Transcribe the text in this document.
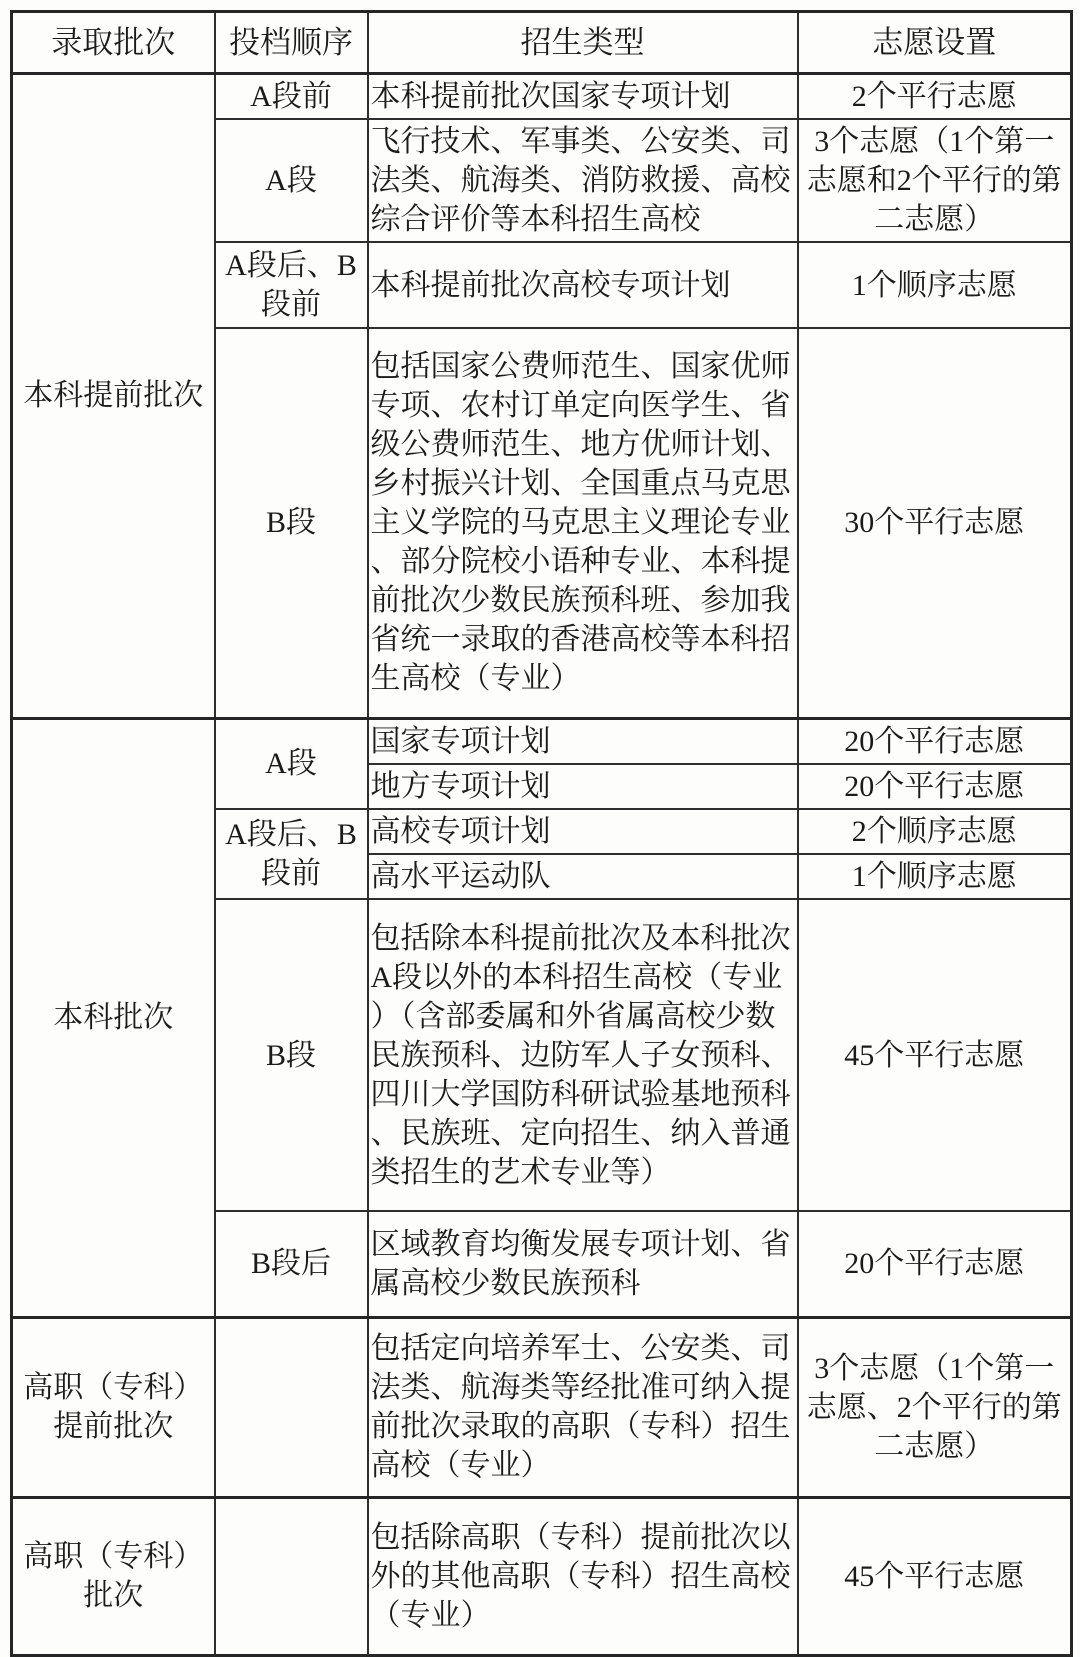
录取批次	投档顺序	招生类型	志愿设置
本科提前批次	A段前	本科提前批次国家专项计划	2个平行志愿
	A段	飞行技术、军事类、公安类、司法类、航海类、消防救援、高校综合评价等本科招生高校	3个志愿（1个第一志愿和2个平行的第二志愿）
	A段后、B段前	本科提前批次高校专项计划	1个顺序志愿
	B段	包括国家公费师范生、国家优师专项、农村订单定向医学生、省级公费师范生、地方优师计划、乡村振兴计划、全国重点马克思主义学院的马克思主义理论专业、部分院校小语种专业、本科提前批次少数民族预科班、参加我省统一录取的香港高校等本科招生高校（专业）	30个平行志愿
本科批次	A段	国家专项计划	20个平行志愿
		地方专项计划	20个平行志愿
	A段后、B段前	高校专项计划	2个顺序志愿
		高水平运动队	1个顺序志愿
	B段	包括除本科提前批次及本科批次A段以外的本科招生高校（专业）（含部委属和外省属高校少数民族预科、边防军人子女预科、四川大学国防科研试验基地预科、民族班、定向招生、纳入普通类招生的艺术专业等）	45个平行志愿
	B段后	区域教育均衡发展专项计划、省属高校少数民族预科	20个平行志愿
高职（专科）提前批次		包括定向培养军士、公安类、司法类、航海类等经批准可纳入提前批次录取的高职（专科）招生高校（专业）	3个志愿（1个第一志愿、2个平行的第二志愿）
高职（专科）批次		包括除高职（专科）提前批次以外的其他高职（专科）招生高校（专业）	45个平行志愿
